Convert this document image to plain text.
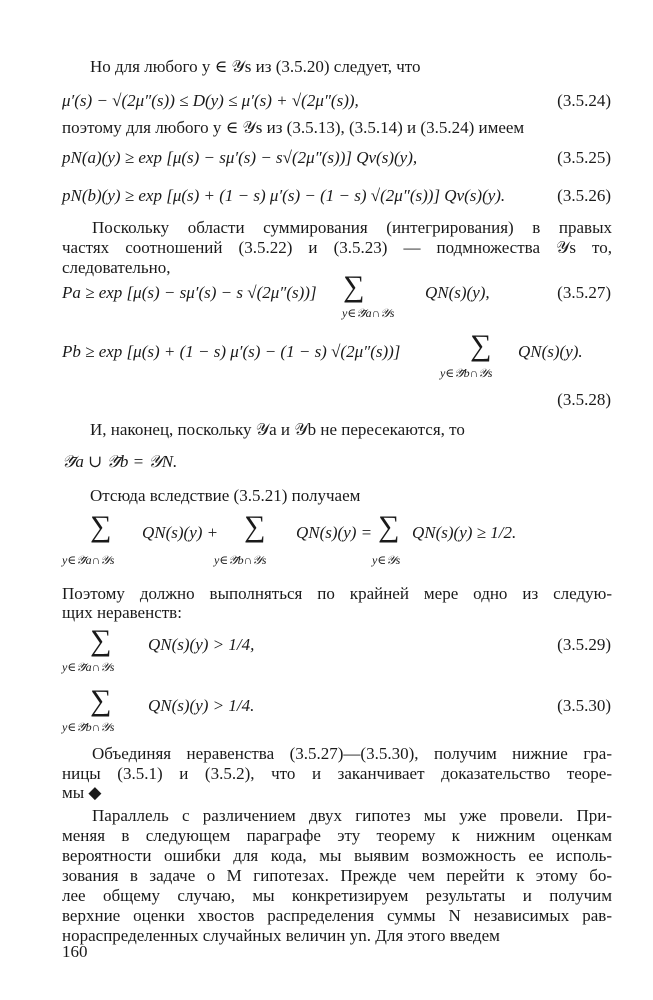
Но для любого y ∈ 𝒴s из (3.5.20) следует, что
μ′(s) − √(2μ″(s)) ≤ D(y) ≤ μ′(s) + √(2μ″(s)),	(3.5.24)
поэтому для любого y ∈ 𝒴s из (3.5.13), (3.5.14) и (3.5.24) имеем
pN(a)(y) ≥ exp [μ(s) − sμ′(s) − s√(2μ″(s))] Qv(s)(y),	(3.5.25)
pN(b)(y) ≥ exp [μ(s) + (1 − s) μ′(s) − (1 − s) √(2μ″(s))] Qv(s)(y).	(3.5.26)
Поскольку области суммирования (интегрирования) в правых
частях соотношений (3.5.22) и (3.5.23) — подмножества 𝒴s то,
следовательно,
Pa ≥ exp [μ(s) − sμ′(s) − s √(2μ″(s))] ∑	QN(s)(y),
y∈𝒴̄a∩𝒴s
(3.5.27)
Pb ≥ exp [μ(s) + (1 − s) μ′(s) − (1 − s) √(2μ″(s))] ∑ QN(s)(y).
y∈𝒴̄b∩𝒴s
(3.5.28)
И, наконец, поскольку 𝒴a и 𝒴b не пересекаются, то
𝒴̄a ∪ 𝒴̄b = 𝒴N.
Отсюда вследствие (3.5.21) получаем
∑ QN(s)(y) +
y∈𝒴̄a∩𝒴s
∑ QN(s)(y) =
y∈𝒴̄b∩𝒴s
∑ QN(s)(y) ≥ 1/2.
y∈𝒴s
Поэтому должно выполняться по крайней мере одно из следую-
щих неравенств:
∑ QN(s)(y) > 1/4,
y∈𝒴̄a∩𝒴s
(3.5.29)
∑ QN(s)(y) > 1/4.
y∈𝒴̄b∩𝒴s
(3.5.30)
Объединяя неравенства (3.5.27)—(3.5.30), получим нижние гра-
ницы (3.5.1) и (3.5.2), что и заканчивает доказательство теоре-
мы ◆
Параллель с различением двух гипотез мы уже провели. При-
меняя в следующем параграфе эту теорему к нижним оценкам
вероятности ошибки для кода, мы выявим возможность ее исполь-
зования в задаче о M гипотезах. Прежде чем перейти к этому бо-
лее общему случаю, мы конкретизируем результаты и получим
верхние оценки хвостов распределения суммы N независимых рав-
нораспределенных случайных величин yn. Для этого введем
160
